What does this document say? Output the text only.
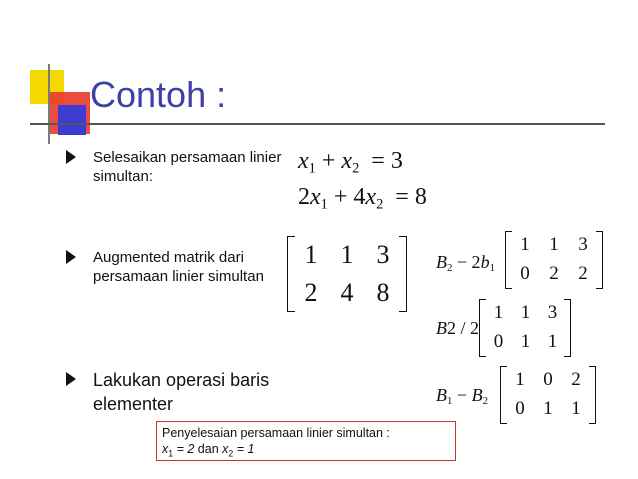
Contoh :
Selesaikan persamaan linier simultan:
Augmented matrik dari persamaan linier simultan
Lakukan operasi baris elementer
$x_1 + x_2 = 3$
$2x_1 + 4x_2 = 8$
1 1 3
2 4 8
$B_2 - 2b_1$
1	1	3
0	2	2
B2 / 2
1 1 3
0 1 1
$B_1 - B_2$
1 0 2
0 1 1
Penyelesaian persamaan linier simultan :
$x_1 = 2$ dan $x_2 = 1$
